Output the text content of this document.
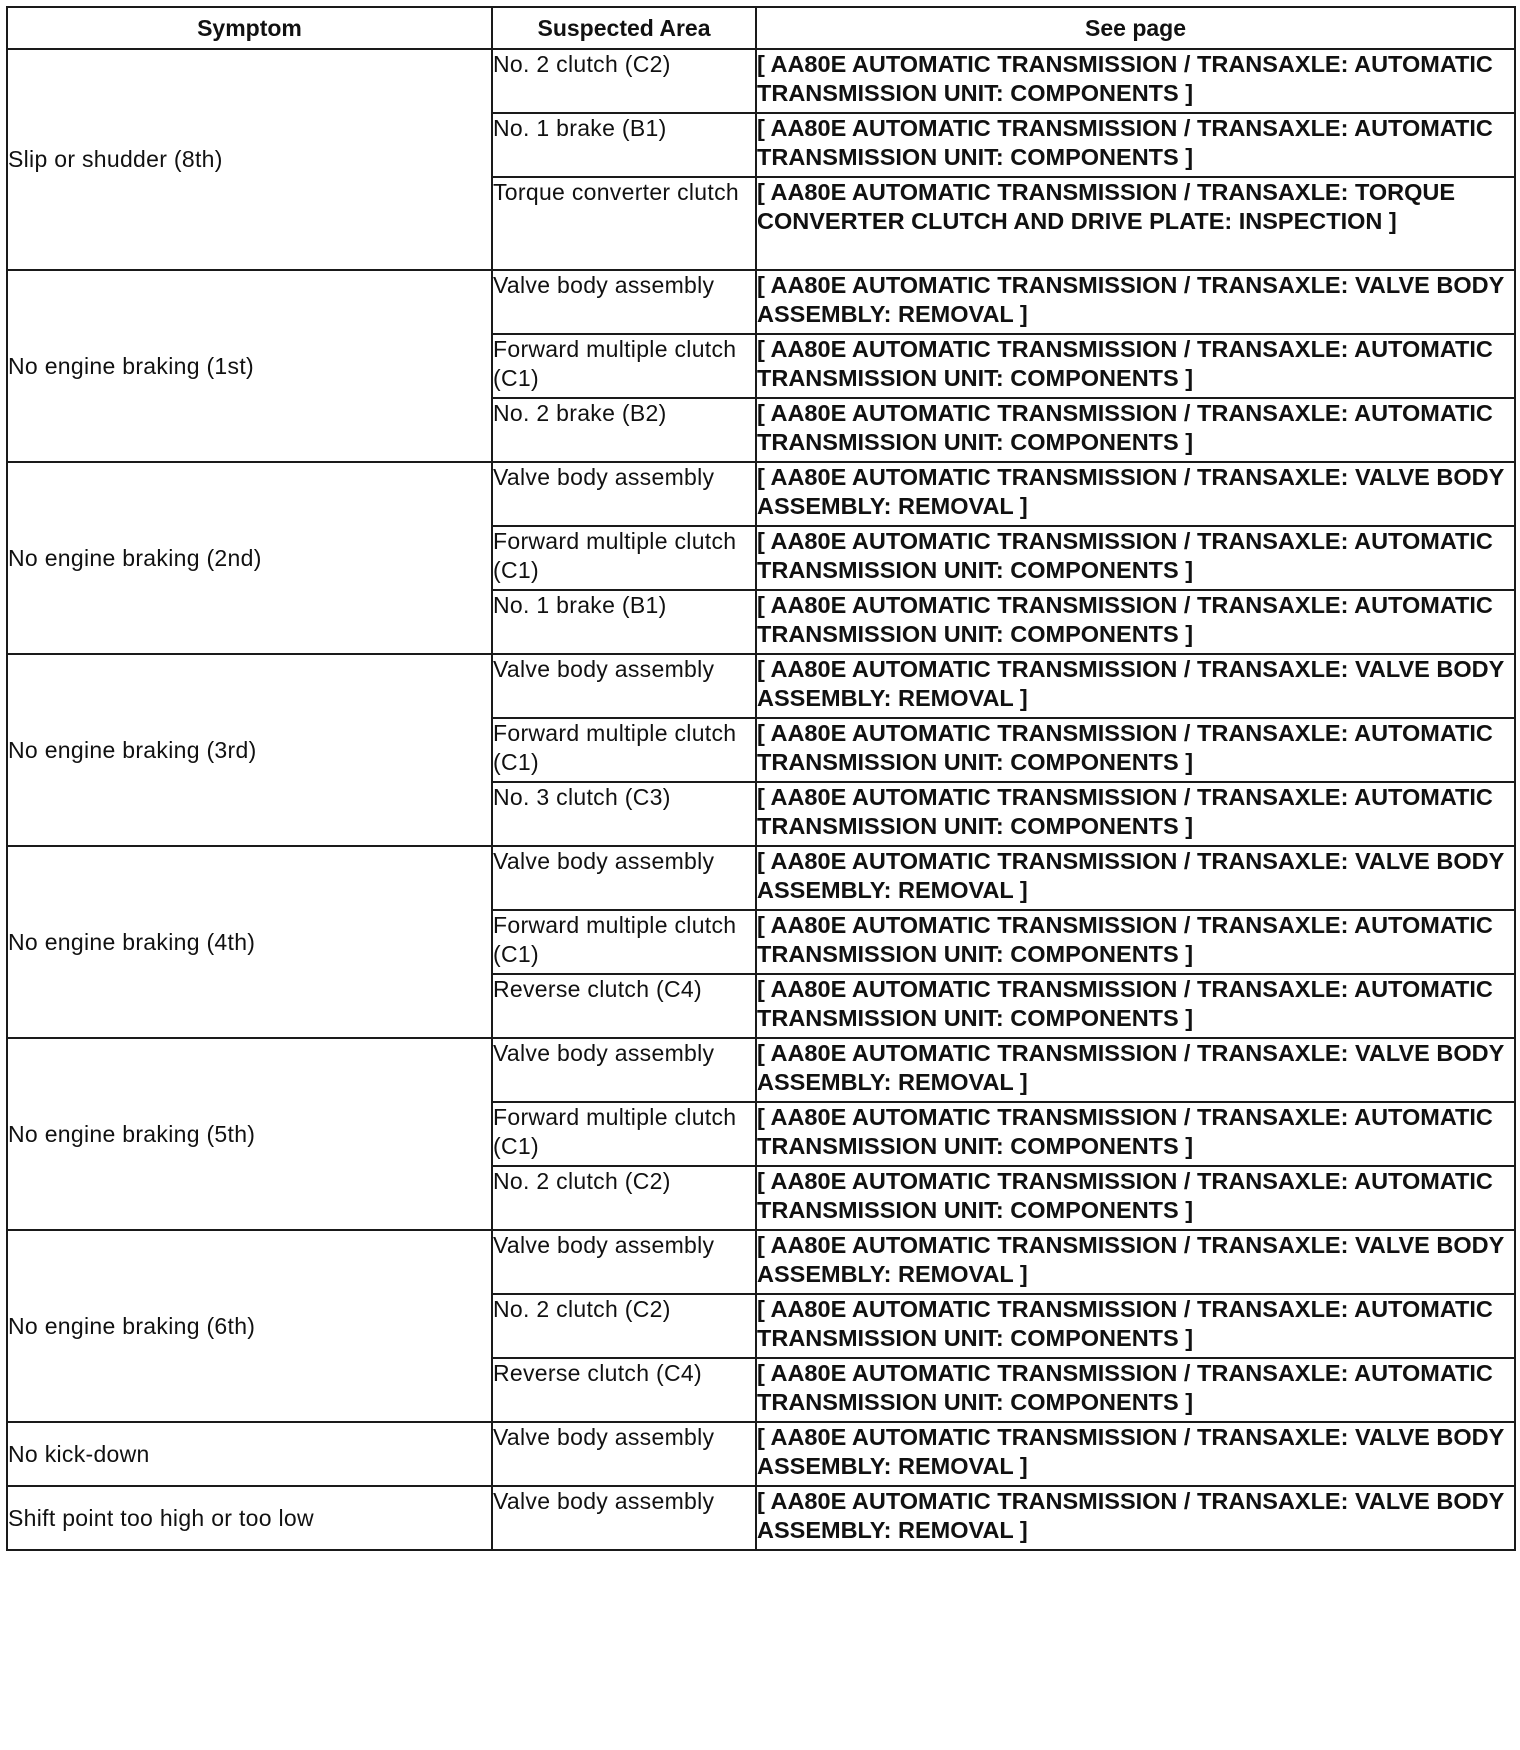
Symptom	Suspected Area	See page
Slip or shudder (8th)	No. 2 clutch (C2)	[ AA80E AUTOMATIC TRANSMISSION / TRANSAXLE: AUTOMATIC TRANSMISSION UNIT: COMPONENTS ]
	No. 1 brake (B1)	[ AA80E AUTOMATIC TRANSMISSION / TRANSAXLE: AUTOMATIC TRANSMISSION UNIT: COMPONENTS ]
	Torque converter clutch	[ AA80E AUTOMATIC TRANSMISSION / TRANSAXLE: TORQUE CONVERTER CLUTCH AND DRIVE PLATE: INSPECTION ]
No engine braking (1st)	Valve body assembly	[ AA80E AUTOMATIC TRANSMISSION / TRANSAXLE: VALVE BODY ASSEMBLY: REMOVAL ]
	Forward multiple clutch (C1)	[ AA80E AUTOMATIC TRANSMISSION / TRANSAXLE: AUTOMATIC TRANSMISSION UNIT: COMPONENTS ]
	No. 2 brake (B2)	[ AA80E AUTOMATIC TRANSMISSION / TRANSAXLE: AUTOMATIC TRANSMISSION UNIT: COMPONENTS ]
No engine braking (2nd)	Valve body assembly	[ AA80E AUTOMATIC TRANSMISSION / TRANSAXLE: VALVE BODY ASSEMBLY: REMOVAL ]
	Forward multiple clutch (C1)	[ AA80E AUTOMATIC TRANSMISSION / TRANSAXLE: AUTOMATIC TRANSMISSION UNIT: COMPONENTS ]
	No. 1 brake (B1)	[ AA80E AUTOMATIC TRANSMISSION / TRANSAXLE: AUTOMATIC TRANSMISSION UNIT: COMPONENTS ]
No engine braking (3rd)	Valve body assembly	[ AA80E AUTOMATIC TRANSMISSION / TRANSAXLE: VALVE BODY ASSEMBLY: REMOVAL ]
	Forward multiple clutch (C1)	[ AA80E AUTOMATIC TRANSMISSION / TRANSAXLE: AUTOMATIC TRANSMISSION UNIT: COMPONENTS ]
	No. 3 clutch (C3)	[ AA80E AUTOMATIC TRANSMISSION / TRANSAXLE: AUTOMATIC TRANSMISSION UNIT: COMPONENTS ]
No engine braking (4th)	Valve body assembly	[ AA80E AUTOMATIC TRANSMISSION / TRANSAXLE: VALVE BODY ASSEMBLY: REMOVAL ]
	Forward multiple clutch (C1)	[ AA80E AUTOMATIC TRANSMISSION / TRANSAXLE: AUTOMATIC TRANSMISSION UNIT: COMPONENTS ]
	Reverse clutch (C4)	[ AA80E AUTOMATIC TRANSMISSION / TRANSAXLE: AUTOMATIC TRANSMISSION UNIT: COMPONENTS ]
No engine braking (5th)	Valve body assembly	[ AA80E AUTOMATIC TRANSMISSION / TRANSAXLE: VALVE BODY ASSEMBLY: REMOVAL ]
	Forward multiple clutch (C1)	[ AA80E AUTOMATIC TRANSMISSION / TRANSAXLE: AUTOMATIC TRANSMISSION UNIT: COMPONENTS ]
	No. 2 clutch (C2)	[ AA80E AUTOMATIC TRANSMISSION / TRANSAXLE: AUTOMATIC TRANSMISSION UNIT: COMPONENTS ]
No engine braking (6th)	Valve body assembly	[ AA80E AUTOMATIC TRANSMISSION / TRANSAXLE: VALVE BODY ASSEMBLY: REMOVAL ]
	No. 2 clutch (C2)	[ AA80E AUTOMATIC TRANSMISSION / TRANSAXLE: AUTOMATIC TRANSMISSION UNIT: COMPONENTS ]
	Reverse clutch (C4)	[ AA80E AUTOMATIC TRANSMISSION / TRANSAXLE: AUTOMATIC TRANSMISSION UNIT: COMPONENTS ]
No kick-down	Valve body assembly	[ AA80E AUTOMATIC TRANSMISSION / TRANSAXLE: VALVE BODY ASSEMBLY: REMOVAL ]
Shift point too high or too low	Valve body assembly	[ AA80E AUTOMATIC TRANSMISSION / TRANSAXLE: VALVE BODY ASSEMBLY: REMOVAL ]
